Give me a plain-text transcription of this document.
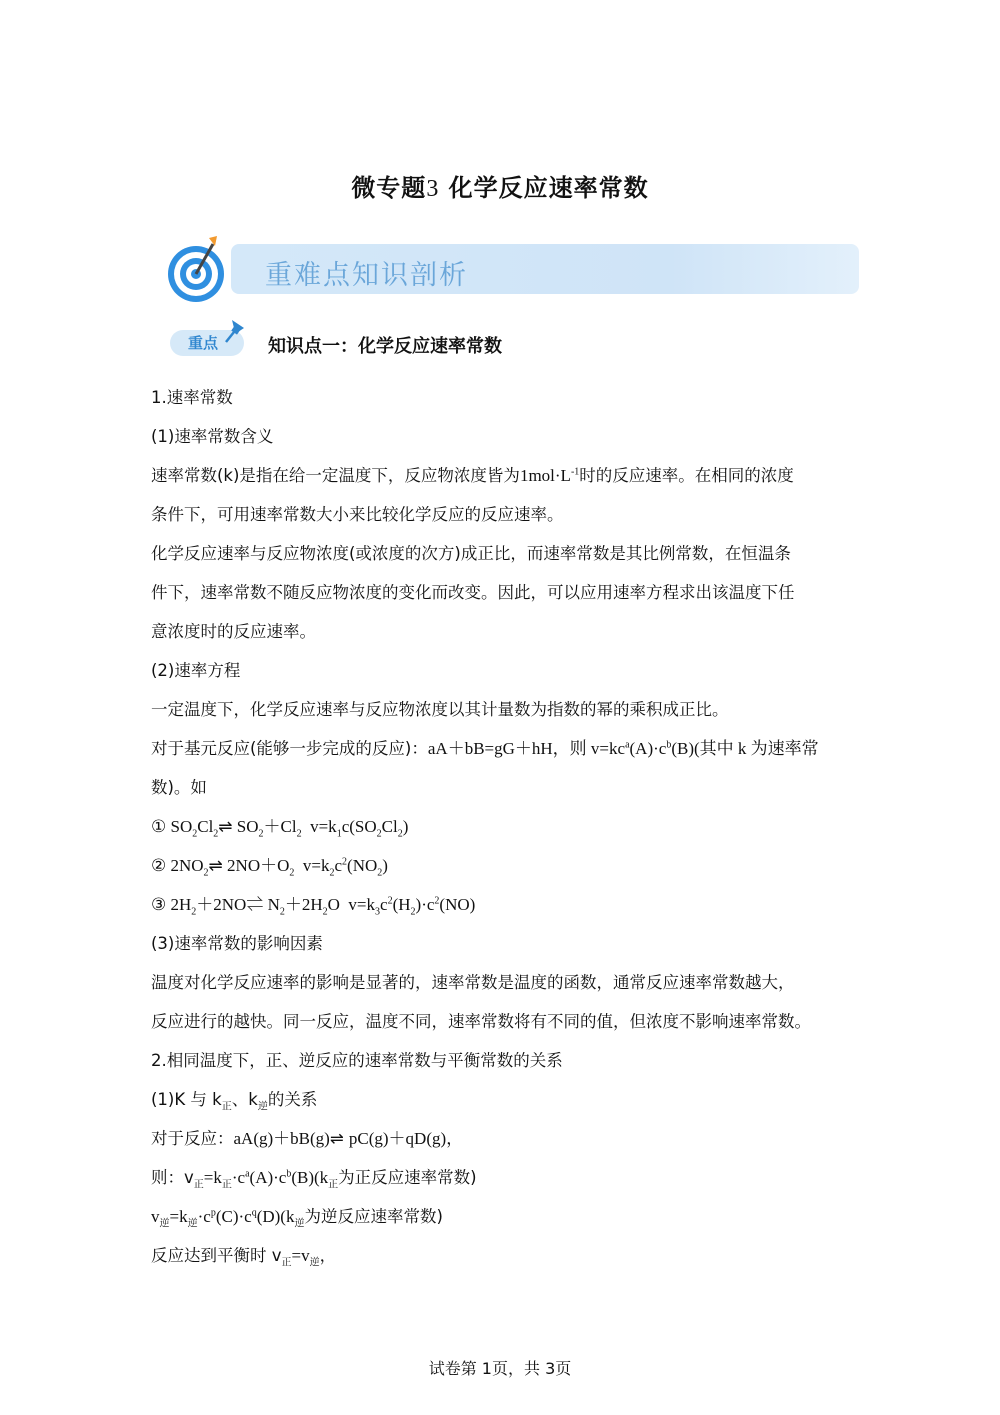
微专题3 化学反应速率常数
重难点知识剖析
重点	知识点一：化学反应速率常数
1.速率常数
(1)速率常数含义
速率常数(k)是指在给一定温度下，反应物浓度皆为$1mol\cdot L^{-1}$时的反应速率。在相同的浓度
条件下，可用速率常数大小来比较化学反应的反应速率。
化学反应速率与反应物浓度(或浓度的次方)成正比，而速率常数是其比例常数，在恒温条
件下，速率常数不随反应物浓度的变化而改变。因此，可以应用速率方程求出该温度下任
意浓度时的反应速率。
(2)速率方程
一定温度下，化学反应速率与反应物浓度以其计量数为指数的幂的乘积成正比。
对于基元反应(能够一步完成的反应)：aA＋bB=gG＋hH，则 $v=kc^a(A)\cdot c^b(B)$(其中 k 为速率常
数)。如
① $SO_2Cl_2\rightleftharpoons$ $SO_2+Cl_2$  $v=k_1c(SO_2Cl_2)$
② $2NO_2\rightleftharpoons$ $2NO+O_2$  $v=k_2c^2(NO_2)$
③ $2H_2+2NO\rightleftharpoons$ $N_2+2H_2O$  $v=k_3c^2(H_2)\cdot c^2(NO)$
(3)速率常数的影响因素
温度对化学反应速率的影响是显著的，速率常数是温度的函数，通常反应速率常数越大，
反应进行的越快。同一反应，温度不同，速率常数将有不同的值，但浓度不影响速率常数。
2.相同温度下，正、逆反应的速率常数与平衡常数的关系
(1)K 与 $k_正$、$k_逆$的关系
对于反应：aA(g)＋bB(g)⇌ pC(g)＋qD(g)，
则：$v_正=k_正\cdot c^a(A)\cdot c^b(B)(k_正$为正反应速率常数)
$v_逆=k_逆\cdot c^p(C)\cdot c^q(D)(k_逆$为逆反应速率常数)
反应达到平衡时 $v_正=v_逆$，
试卷第 1页，共 3页
